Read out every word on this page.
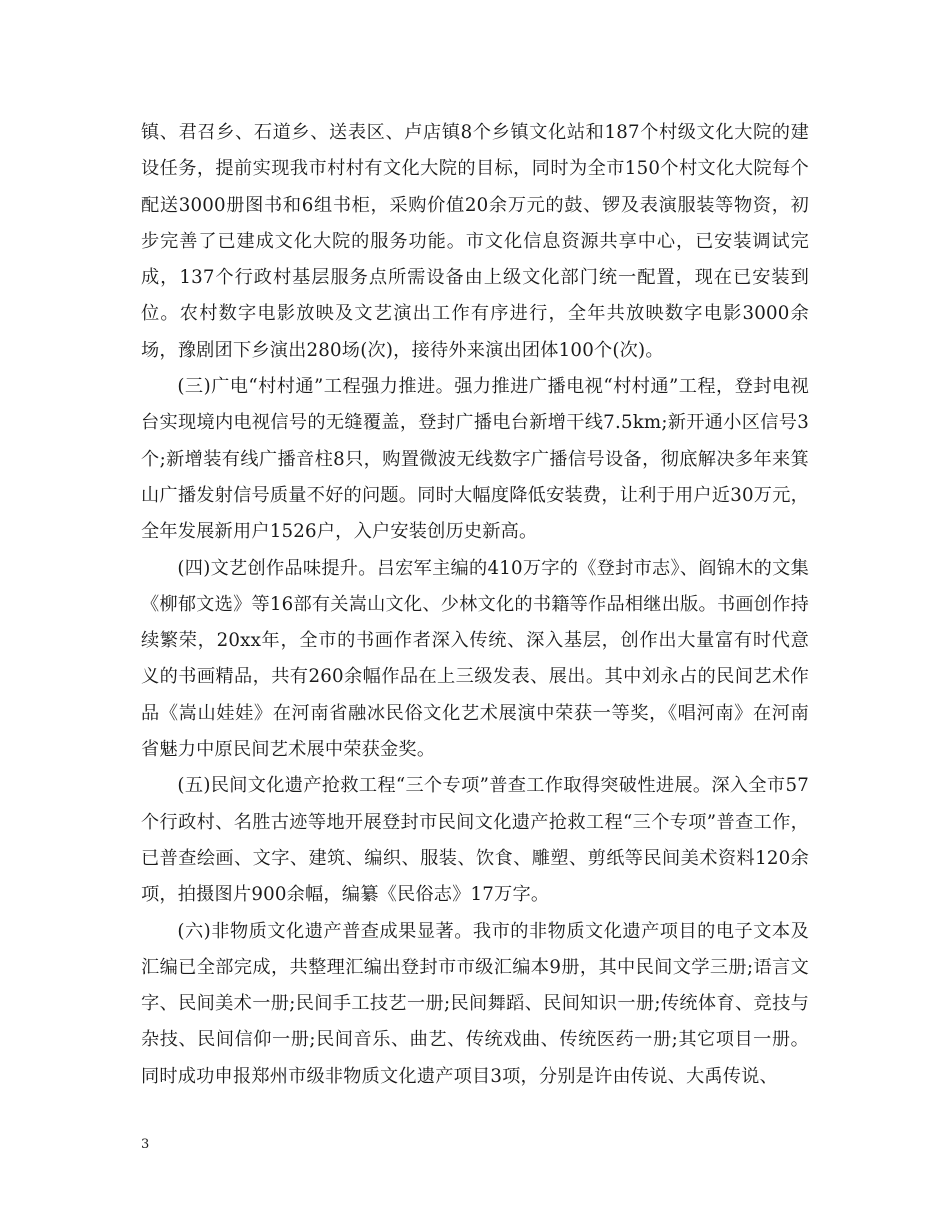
镇、君召乡、石道乡、送表区、卢店镇8个乡镇文化站和187个村级文化大院的建设任务，提前实现我市村村有文化大院的目标，同时为全市150个村文化大院每个配送3000册图书和6组书柜，采购价值20余万元的鼓、锣及表演服装等物资，初步完善了已建成文化大院的服务功能。市文化信息资源共享中心，已安装调试完成，137个行政村基层服务点所需设备由上级文化部门统一配置，现在已安装到位。农村数字电影放映及文艺演出工作有序进行，全年共放映数字电影3000余场，豫剧团下乡演出280场(次)，接待外来演出团体100个(次)。

(三)广电“村村通”工程强力推进。强力推进广播电视“村村通”工程，登封电视台实现境内电视信号的无缝覆盖，登封广播电台新增干线7.5km;新开通小区信号3个;新增装有线广播音柱8只，购置微波无线数字广播信号设备，彻底解决多年来箕山广播发射信号质量不好的问题。同时大幅度降低安装费，让利于用户近30万元，全年发展新用户1526户，入户安装创历史新高。

(四)文艺创作品味提升。吕宏军主编的410万字的《登封市志》、阎锦木的文集《柳郁文选》等16部有关嵩山文化、少林文化的书籍等作品相继出版。书画创作持续繁荣，20xx年，全市的书画作者深入传统、深入基层，创作出大量富有时代意义的书画精品，共有260余幅作品在上三级发表、展出。其中刘永占的民间艺术作品《嵩山娃娃》在河南省融冰民俗文化艺术展演中荣获一等奖，《唱河南》在河南省魅力中原民间艺术展中荣获金奖。

(五)民间文化遗产抢救工程“三个专项”普查工作取得突破性进展。深入全市57个行政村、名胜古迹等地开展登封市民间文化遗产抢救工程“三个专项”普查工作，已普查绘画、文字、建筑、编织、服装、饮食、雕塑、剪纸等民间美术资料120余项，拍摄图片900余幅，编纂《民俗志》17万字。

(六)非物质文化遗产普查成果显著。我市的非物质文化遗产项目的电子文本及汇编已全部完成，共整理汇编出登封市市级汇编本9册，其中民间文学三册;语言文字、民间美术一册;民间手工技艺一册;民间舞蹈、民间知识一册;传统体育、竞技与杂技、民间信仰一册;民间音乐、曲艺、传统戏曲、传统医药一册;其它项目一册。同时成功申报郑州市级非物质文化遗产项目3项，分别是许由传说、大禹传说、

3
